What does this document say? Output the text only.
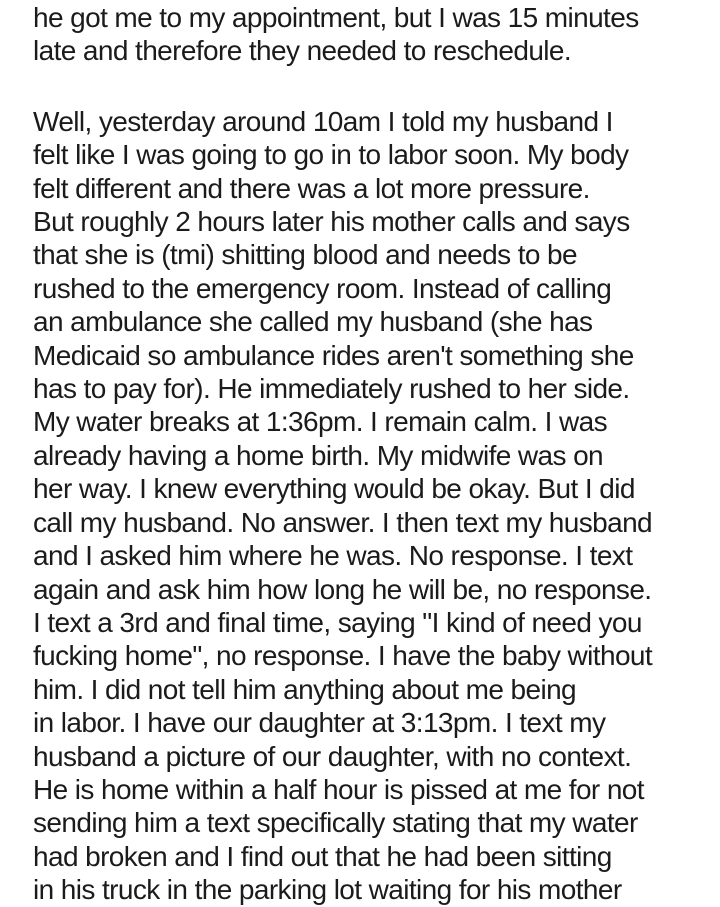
he got me to my appointment, but I was 15 minutes
late and therefore they needed to reschedule.
Well, yesterday around 10am I told my husband I
felt like I was going to go in to labor soon. My body
felt different and there was a lot more pressure.
But roughly 2 hours later his mother calls and says
that she is (tmi) shitting blood and needs to be
rushed to the emergency room. Instead of calling
an ambulance she called my husband (she has
Medicaid so ambulance rides aren't something she
has to pay for). He immediately rushed to her side.
My water breaks at 1:36pm. I remain calm. I was
already having a home birth. My midwife was on
her way. I knew everything would be okay. But I did
call my husband. No answer. I then text my husband
and I asked him where he was. No response. I text
again and ask him how long he will be, no response.
I text a 3rd and final time, saying "I kind of need you
fucking home", no response. I have the baby without
him. I did not tell him anything about me being
in labor. I have our daughter at 3:13pm. I text my
husband a picture of our daughter, with no context.
He is home within a half hour is pissed at me for not
sending him a text specifically stating that my water
had broken and I find out that he had been sitting
in his truck in the parking lot waiting for his mother
